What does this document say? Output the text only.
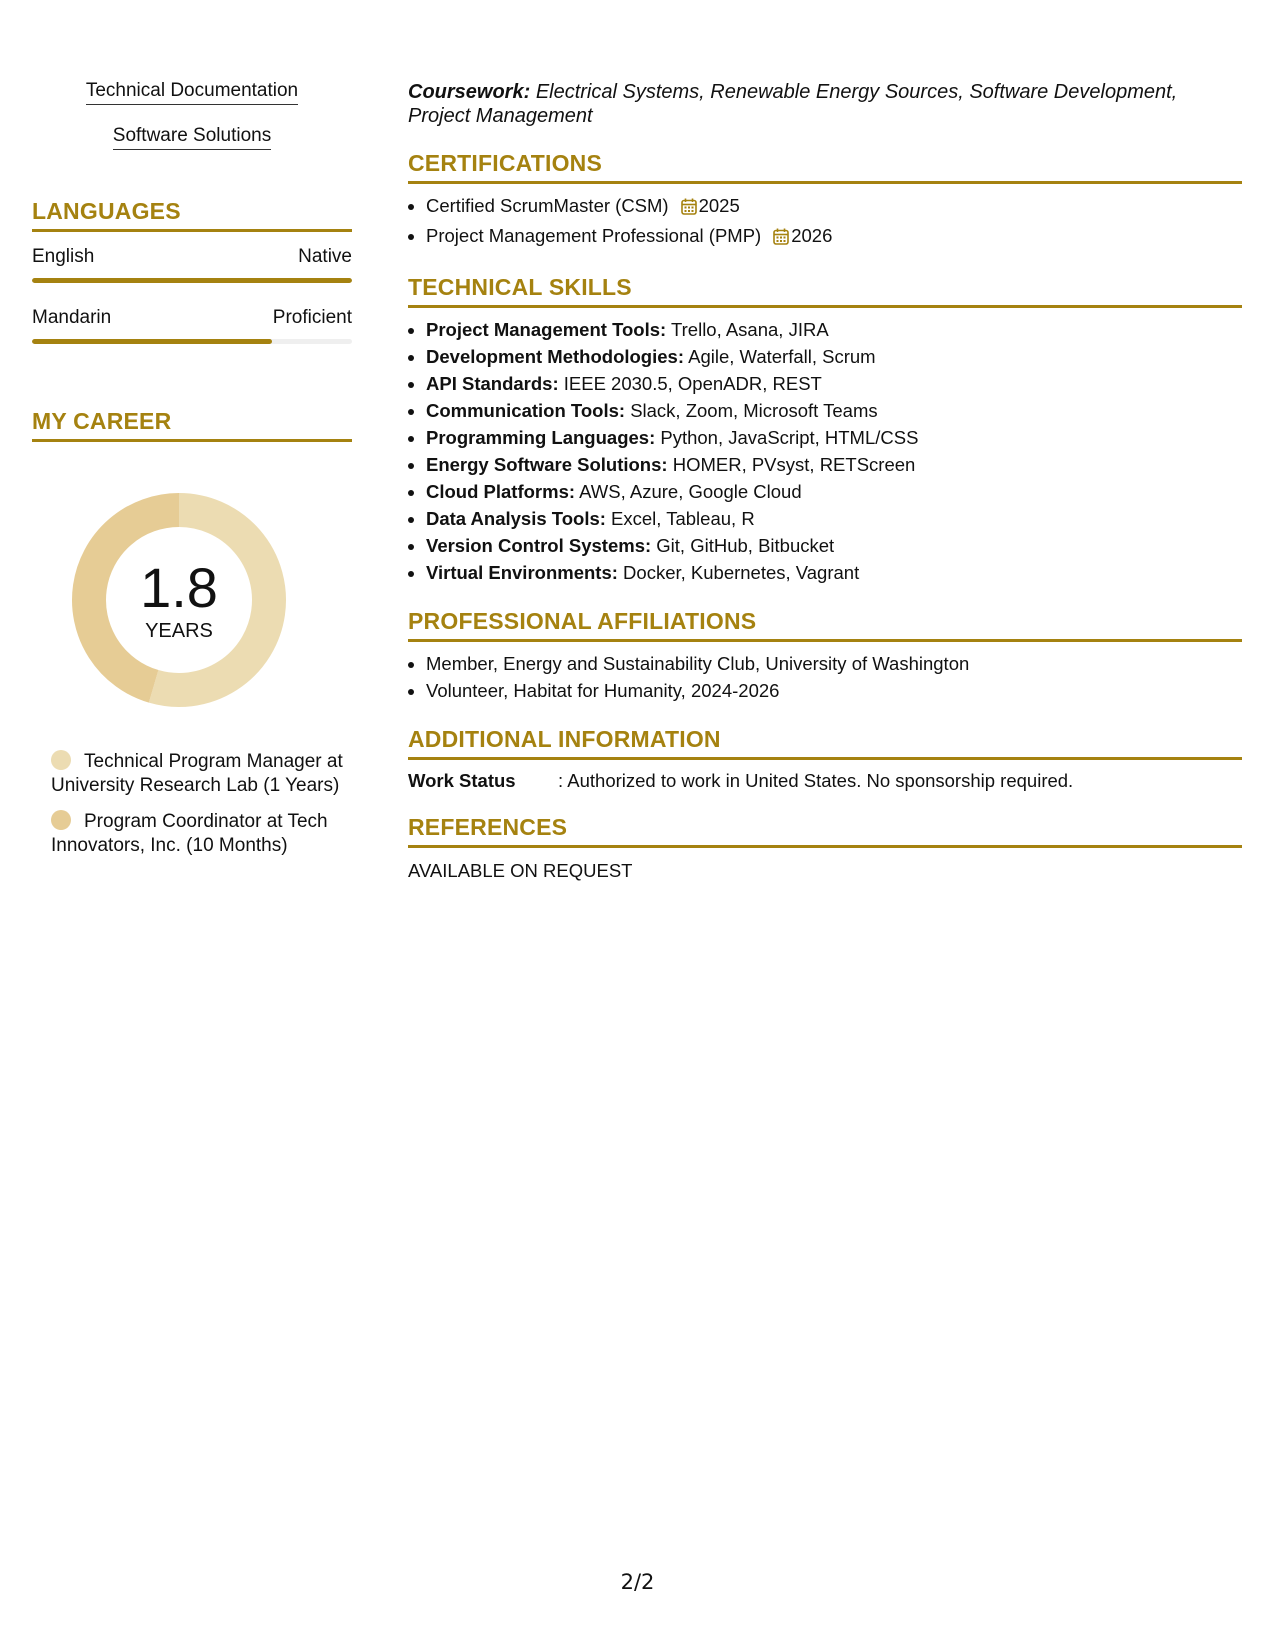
Technical Documentation
Software Solutions
LANGUAGES
English	Native
Mandarin	Proficient
MY CAREER
1.8
YEARS
Technical Program Manager at University Research Lab (1 Years)
Program Coordinator at Tech Innovators, Inc. (10 Months)
Coursework: Electrical Systems, Renewable Energy Sources, Software Development, Project Management
CERTIFICATIONS
• Certified ScrumMaster (CSM) 2025
• Project Management Professional (PMP) 2026
TECHNICAL SKILLS
• Project Management Tools: Trello, Asana, JIRA
• Development Methodologies: Agile, Waterfall, Scrum
• API Standards: IEEE 2030.5, OpenADR, REST
• Communication Tools: Slack, Zoom, Microsoft Teams
• Programming Languages: Python, JavaScript, HTML/CSS
• Energy Software Solutions: HOMER, PVsyst, RETScreen
• Cloud Platforms: AWS, Azure, Google Cloud
• Data Analysis Tools: Excel, Tableau, R
• Version Control Systems: Git, GitHub, Bitbucket
• Virtual Environments: Docker, Kubernetes, Vagrant
PROFESSIONAL AFFILIATIONS
• Member, Energy and Sustainability Club, University of Washington
• Volunteer, Habitat for Humanity, 2024-2026
ADDITIONAL INFORMATION
Work Status	: Authorized to work in United States. No sponsorship required.
REFERENCES
AVAILABLE ON REQUEST
2/2
